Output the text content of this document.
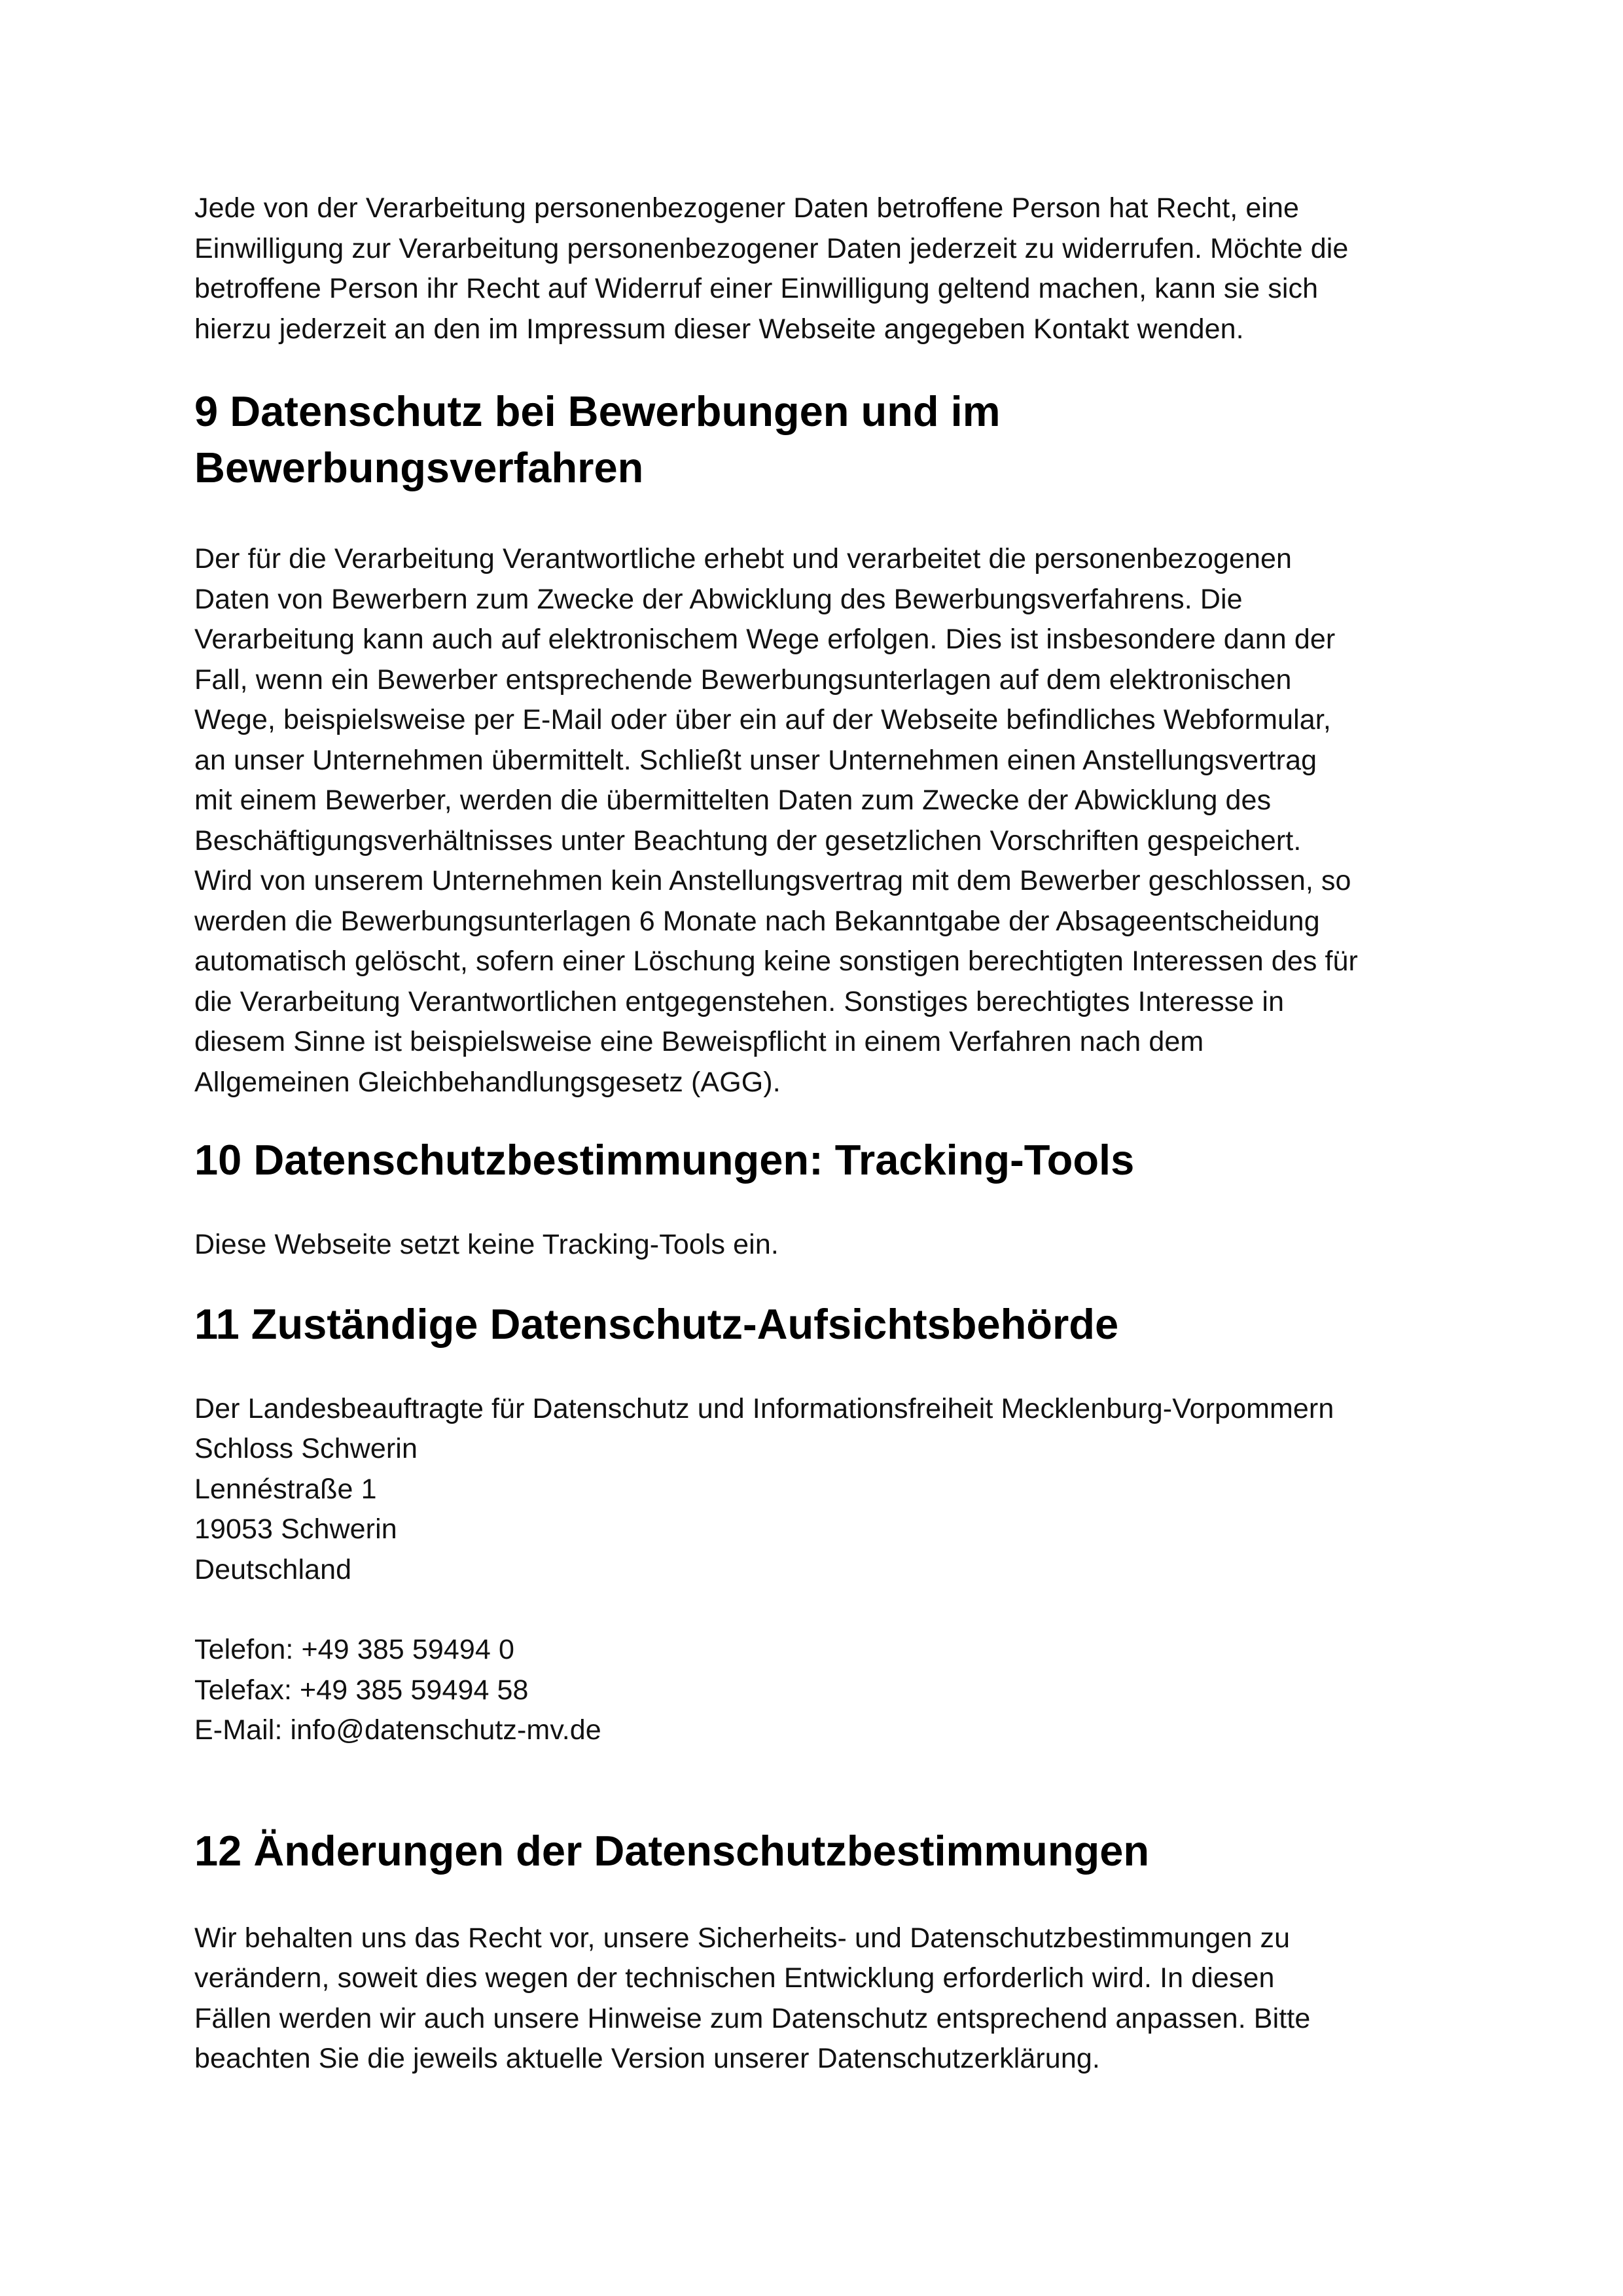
Jede von der Verarbeitung personenbezogener Daten betroffene Person hat Recht, eine
Einwilligung zur Verarbeitung personenbezogener Daten jederzeit zu widerrufen. Möchte die
betroffene Person ihr Recht auf Widerruf einer Einwilligung geltend machen, kann sie sich
hierzu jederzeit an den im Impressum dieser Webseite angegeben Kontakt wenden.

9 Datenschutz bei Bewerbungen und im
Bewerbungsverfahren

Der für die Verarbeitung Verantwortliche erhebt und verarbeitet die personenbezogenen
Daten von Bewerbern zum Zwecke der Abwicklung des Bewerbungsverfahrens. Die
Verarbeitung kann auch auf elektronischem Wege erfolgen. Dies ist insbesondere dann der
Fall, wenn ein Bewerber entsprechende Bewerbungsunterlagen auf dem elektronischen
Wege, beispielsweise per E-Mail oder über ein auf der Webseite befindliches Webformular,
an unser Unternehmen übermittelt. Schließt unser Unternehmen einen Anstellungsvertrag
mit einem Bewerber, werden die übermittelten Daten zum Zwecke der Abwicklung des
Beschäftigungsverhältnisses unter Beachtung der gesetzlichen Vorschriften gespeichert.
Wird von unserem Unternehmen kein Anstellungsvertrag mit dem Bewerber geschlossen, so
werden die Bewerbungsunterlagen 6 Monate nach Bekanntgabe der Absageentscheidung
automatisch gelöscht, sofern einer Löschung keine sonstigen berechtigten Interessen des für
die Verarbeitung Verantwortlichen entgegenstehen. Sonstiges berechtigtes Interesse in
diesem Sinne ist beispielsweise eine Beweispflicht in einem Verfahren nach dem
Allgemeinen Gleichbehandlungsgesetz (AGG).

10 Datenschutzbestimmungen: Tracking-Tools

Diese Webseite setzt keine Tracking-Tools ein.

11 Zuständige Datenschutz-Aufsichtsbehörde

Der Landesbeauftragte für Datenschutz und Informationsfreiheit Mecklenburg-Vorpommern
Schloss Schwerin
Lennéstraße 1
19053 Schwerin
Deutschland

Telefon: +49 385 59494 0
Telefax: +49 385 59494 58
E-Mail: info@datenschutz-mv.de

12 Änderungen der Datenschutzbestimmungen

Wir behalten uns das Recht vor, unsere Sicherheits- und Datenschutzbestimmungen zu
verändern, soweit dies wegen der technischen Entwicklung erforderlich wird. In diesen
Fällen werden wir auch unsere Hinweise zum Datenschutz entsprechend anpassen. Bitte
beachten Sie die jeweils aktuelle Version unserer Datenschutzerklärung.
